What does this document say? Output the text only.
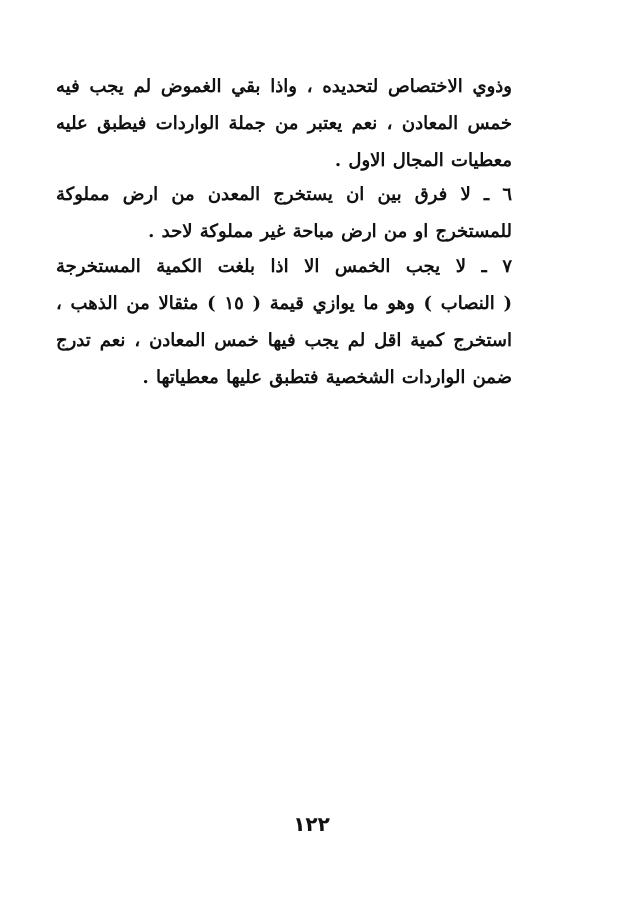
وذوي الاختصاص لتحديده ، واذا بقي الغموض لم يجب فيه
خمس المعادن ، نعم يعتبر من جملة الواردات فيطبق عليه
معطيات المجال الاول .
٦ ـ لا فرق بين ان يستخرج المعدن من ارض مملوكة
للمستخرج او من ارض مباحة غير مملوكة لاحد .
٧ ـ لا يجب الخمس الا اذا بلغت الكمية المستخرجة
( النصاب ) وهو ما يوازي قيمة ( ١٥ ) مثقالا من الذهب ،
استخرج كمية اقل لم يجب فيها خمس المعادن ، نعم تدرج
ضمن الواردات الشخصية فتطبق عليها معطياتها .
١٢٢
